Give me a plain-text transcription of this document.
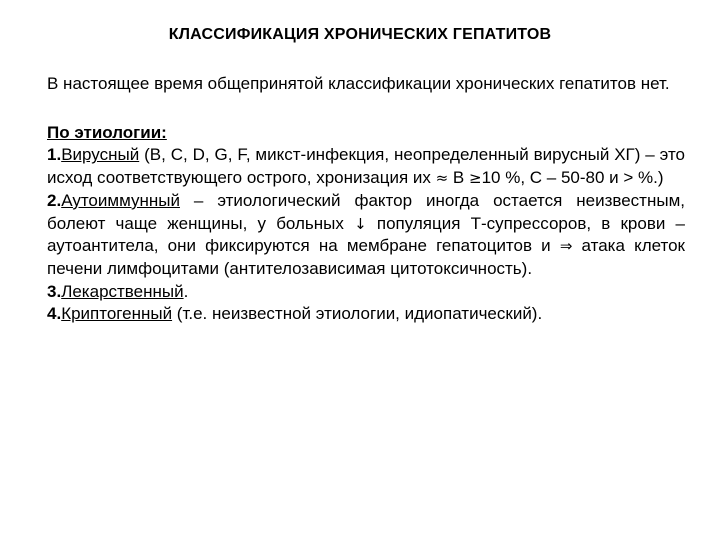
КЛАССИФИКАЦИЯ ХРОНИЧЕСКИХ ГЕПАТИТОВ

В настоящее время общепринятой классификации хронических гепатитов нет.

По этиологии:

1.Вирусный (B, C, D, G, F, микст-инфекция, неопределенный вирусный ХГ) – это исход соответствующего острого, хронизация их ≈ B ≥10 %, C – 50-80 и > %.)

2.Аутоиммунный – этиологический фактор иногда остается неизвестным, болеют чаще женщины, у больных ↓ популяция Т-супрессоров, в крови – аутоантитела, они фиксируются на мембране гепатоцитов и ⇒ атака клеток печени лимфоцитами (антителозависимая цитотоксичность).

3.Лекарственный.

4.Криптогенный (т.е. неизвестной этиологии, идиопатический).
